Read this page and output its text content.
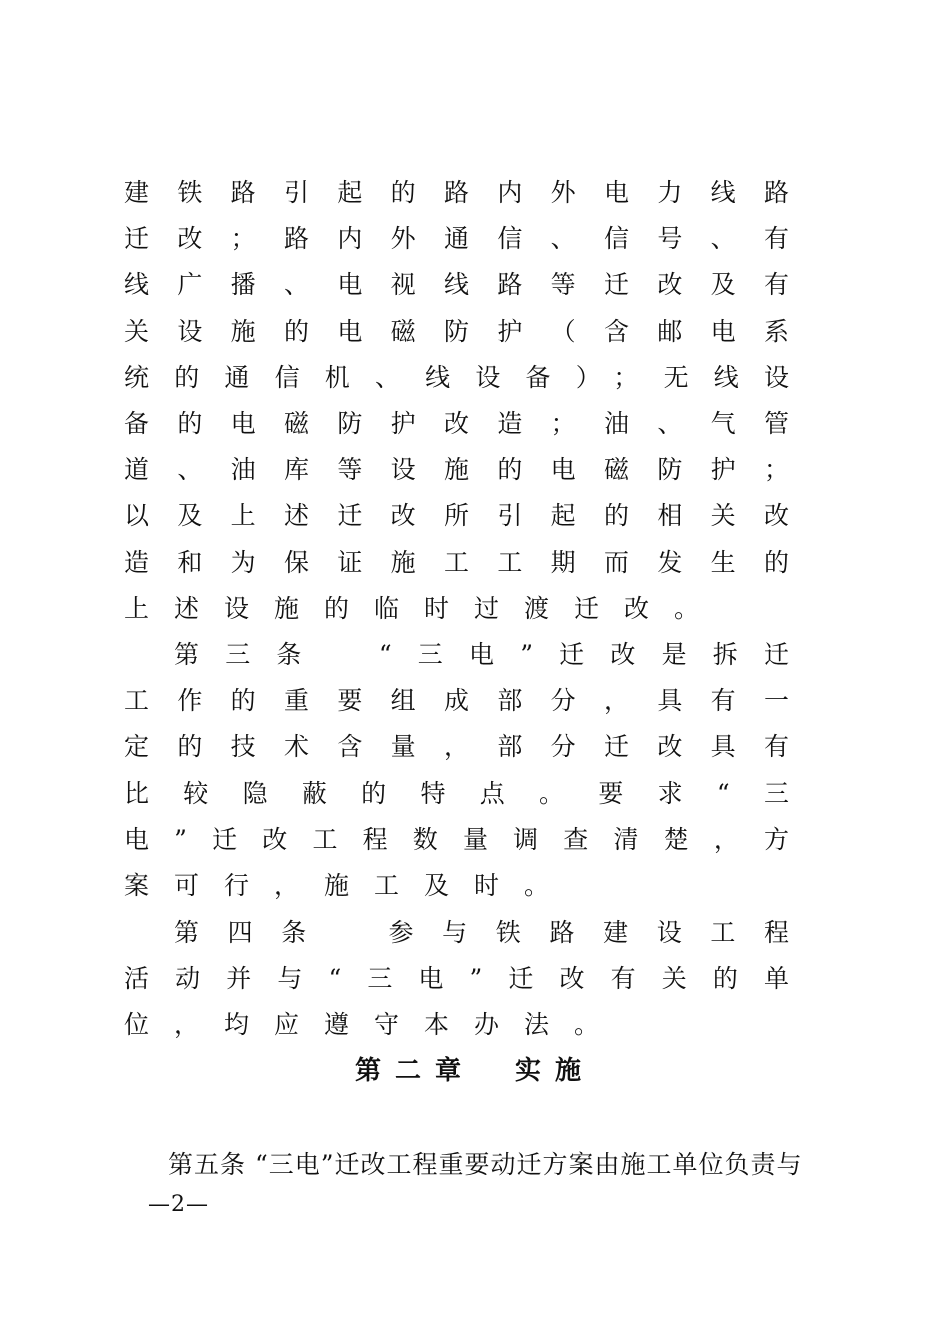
建铁路引起的路内外电力线路迁改；路内外通信、信号、有线广播、电视线路等迁改及有关设施的电磁防护（含邮电系统的通信机、线设备）；无线设备的电磁防护改造；油、气管道、油库等设施的电磁防护；以及上述迁改所引起的相关改造和为保证施工工期而发生的上述设施的临时过渡迁改。

第三条　“三电”迁改是拆迁工作的重要组成部分，具有一定的技术含量，部分迁改具有比较隐蔽的特点。要求“三电”迁改工程数量调查清楚，方案可行，施工及时。

第四条　参与铁路建设工程活动并与“三电”迁改有关的单位，均应遵守本办法。

第二章　实施

第五条 “三电”迁改工程重要动迁方案由施工单位负责与

—2—
